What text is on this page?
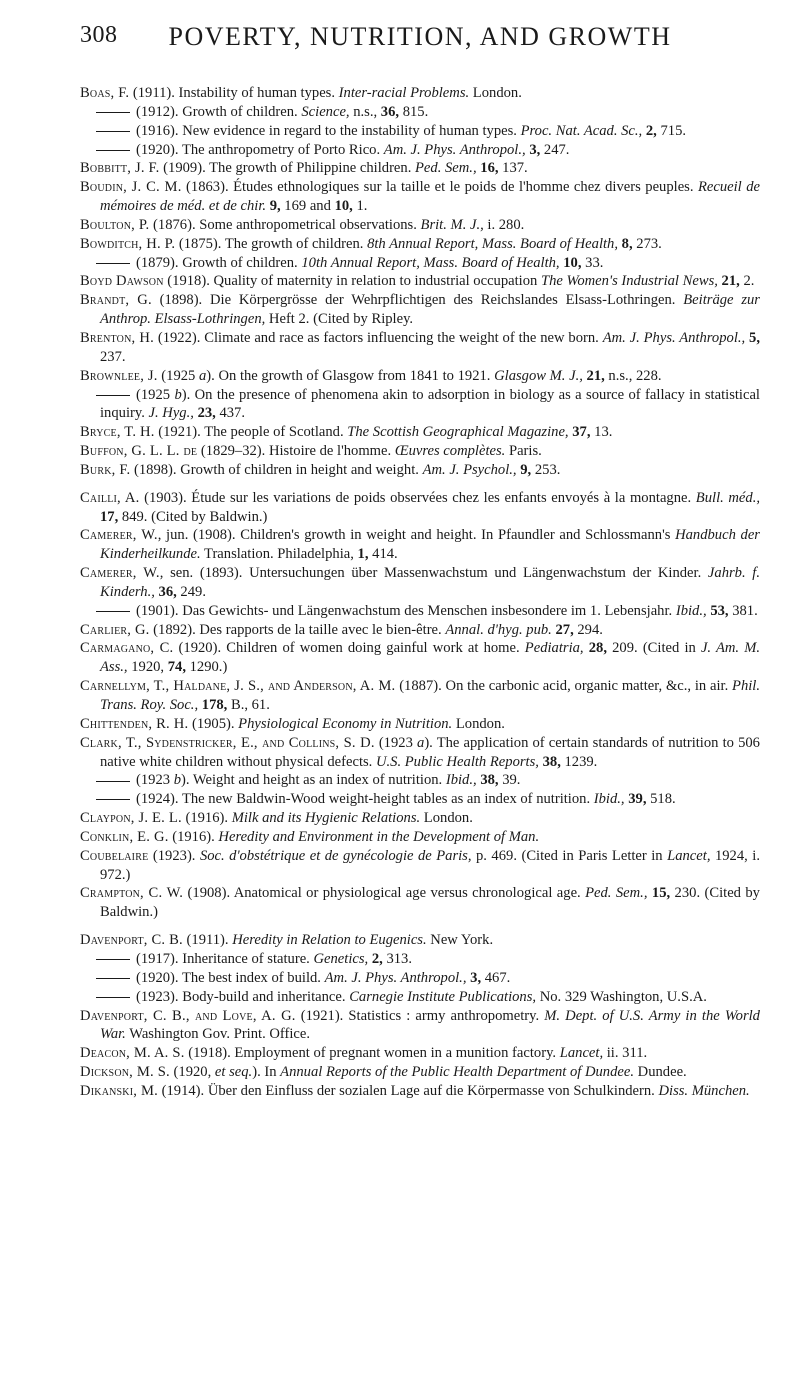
308	POVERTY, NUTRITION, AND GROWTH
Boas, F. (1911). Instability of human types. Inter-racial Problems. London.
(1912). Growth of children. Science, n.s., 36, 815.
(1916). New evidence in regard to the instability of human types. Proc. Nat. Acad. Sc., 2, 715.
(1920). The anthropometry of Porto Rico. Am. J. Phys. Anthropol., 3, 247.
Bobbitt, J. F. (1909). The growth of Philippine children. Ped. Sem., 16, 137.
Boudin, J. C. M. (1863). Études ethnologiques sur la taille et le poids de l'homme chez divers peuples. Recueil de mémoires de méd. et de chir. 9, 169 and 10, 1.
Boulton, P. (1876). Some anthropometrical observations. Brit. M. J., i. 280.
Bowditch, H. P. (1875). The growth of children. 8th Annual Report, Mass. Board of Health, 8, 273.
(1879). Growth of children. 10th Annual Report, Mass. Board of Health, 10, 33.
Boyd Dawson (1918). Quality of maternity in relation to industrial occupation The Women's Industrial News, 21, 2.
Brandt, G. (1898). Die Körpergrösse der Wehrpflichtigen des Reichslandes Elsass-Lothringen. Beiträge zur Anthrop. Elsass-Lothringen, Heft 2. (Cited by Ripley.
Brenton, H. (1922). Climate and race as factors influencing the weight of the new born. Am. J. Phys. Anthropol., 5, 237.
Brownlee, J. (1925 a). On the growth of Glasgow from 1841 to 1921. Glasgow M. J., 21, n.s., 228.
(1925 b). On the presence of phenomena akin to adsorption in biology as a source of fallacy in statistical inquiry. J. Hyg., 23, 437.
Bryce, T. H. (1921). The people of Scotland. The Scottish Geographical Magazine, 37, 13.
Buffon, G. L. L. de (1829–32). Histoire de l'homme. Œuvres complètes. Paris.
Burk, F. (1898). Growth of children in height and weight. Am. J. Psychol., 9, 253.
Cailli, A. (1903). Étude sur les variations de poids observées chez les enfants envoyés à la montagne. Bull. méd., 17, 849. (Cited by Baldwin.)
Camerer, W., jun. (1908). Children's growth in weight and height. In Pfaundler and Schlossmann's Handbuch der Kinderheilkunde. Translation. Philadelphia, 1, 414.
Camerer, W., sen. (1893). Untersuchungen über Massenwachstum und Längenwachstum der Kinder. Jahrb. f. Kinderh., 36, 249.
(1901). Das Gewichts- und Längenwachstum des Menschen insbesondere im 1. Lebensjahr. Ibid., 53, 381.
Carlier, G. (1892). Des rapports de la taille avec le bien-être. Annal. d'hyg. pub. 27, 294.
Carmagano, C. (1920). Children of women doing gainful work at home. Pediatria, 28, 209. (Cited in J. Am. M. Ass., 1920, 74, 1290.)
Carnellym, T., Haldane, J. S., and Anderson, A. M. (1887). On the carbonic acid, organic matter, &c., in air. Phil. Trans. Roy. Soc., 178, B., 61.
Chittenden, R. H. (1905). Physiological Economy in Nutrition. London.
Clark, T., Sydenstricker, E., and Collins, S. D. (1923 a). The application of certain standards of nutrition to 506 native white children without physical defects. U.S. Public Health Reports, 38, 1239.
(1923 b). Weight and height as an index of nutrition. Ibid., 38, 39.
(1924). The new Baldwin-Wood weight-height tables as an index of nutrition. Ibid., 39, 518.
Claypon, J. E. L. (1916). Milk and its Hygienic Relations. London.
Conklin, E. G. (1916). Heredity and Environment in the Development of Man.
Coubelaire (1923). Soc. d'obstétrique et de gynécologie de Paris, p. 469. (Cited in Paris Letter in Lancet, 1924, i. 972.)
Crampton, C. W. (1908). Anatomical or physiological age versus chronological age. Ped. Sem., 15, 230. (Cited by Baldwin.)
Davenport, C. B. (1911). Heredity in Relation to Eugenics. New York.
(1917). Inheritance of stature. Genetics, 2, 313.
(1920). The best index of build. Am. J. Phys. Anthropol., 3, 467.
(1923). Body-build and inheritance. Carnegie Institute Publications, No. 329 Washington, U.S.A.
Davenport, C. B., and Love, A. G. (1921). Statistics : army anthropometry. M. Dept. of U.S. Army in the World War. Washington Gov. Print. Office.
Deacon, M. A. S. (1918). Employment of pregnant women in a munition factory. Lancet, ii. 311.
Dickson, M. S. (1920, et seq.). In Annual Reports of the Public Health Department of Dundee. Dundee.
Dikanski, M. (1914). Über den Einfluss der sozialen Lage auf die Körpermasse von Schulkindern. Diss. München.
